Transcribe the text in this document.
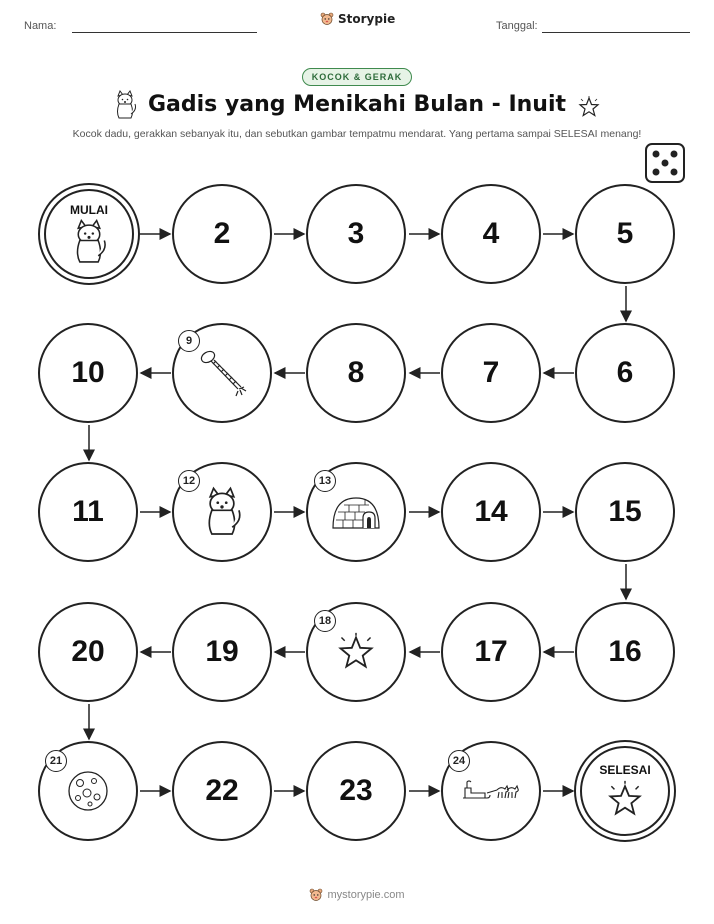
Nama:	Storypie	Tanggal:
KOCOK & GERAK
Gadis yang Menikahi Bulan - Inuit
Kocok dadu, gerakkan sebanyak itu, dan sebutkan gambar tempatmu mendarat. Yang pertama sampai SELESAI menang!
MULAI
2	3	4	5
10
9
8	7	6
11
12	13
14	15
20	19
18
17	16
21
22	23
24
SELESAI
mystorypie.com
